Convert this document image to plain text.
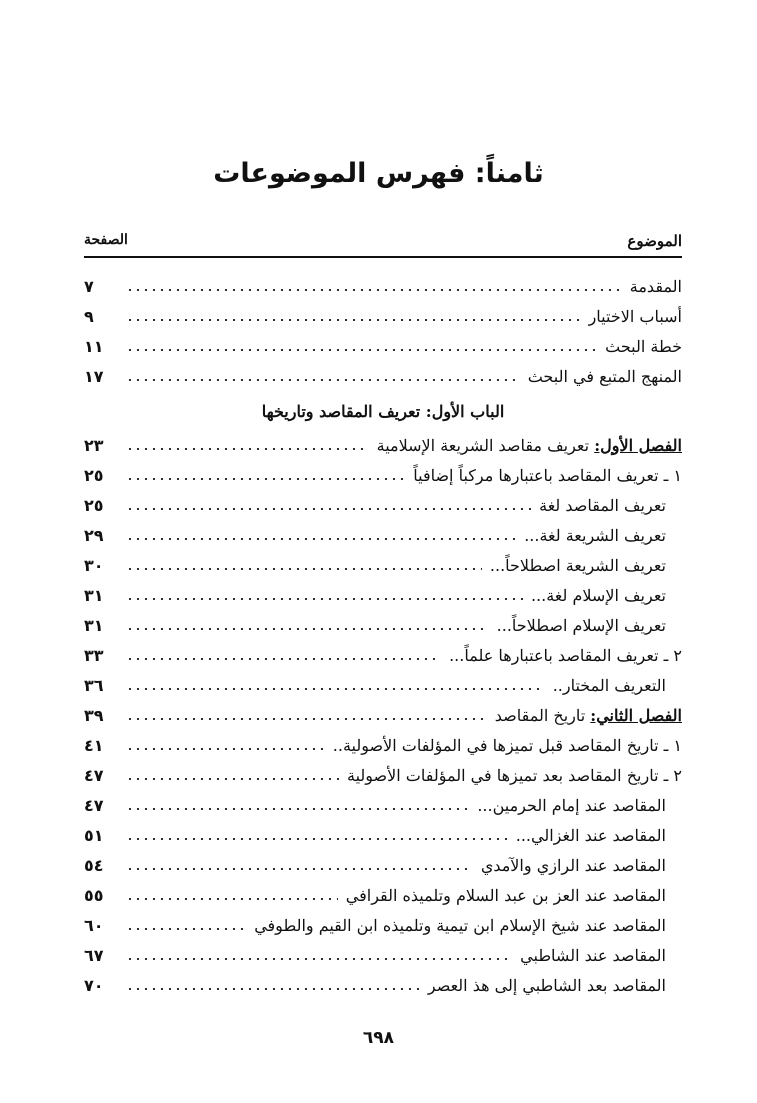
ثامناً: فهرس الموضوعات
الموضوع
الصفحة
المقدمة
٧
أسباب الاختيار
٩
خطة البحث
١١
المنهج المتبع في البحث
١٧
الفصل الأول: تعريف مقاصد الشريعة الإسلامية
٢٣
١ ـ تعريف المقاصد باعتبارها مركباً إضافياً
٢٥
تعريف المقاصد لغة
٢٥
تعريف الشريعة لغة...
٢٩
تعريف الشريعة اصطلاحاً...
٣٠
تعريف الإسلام لغة...
٣١
تعريف الإسلام اصطلاحاً...
٣١
٢ ـ تعريف المقاصد باعتبارها علماً...
٣٣
التعريف المختار..
٣٦
الفصل الثاني: تاريخ المقاصد
٣٩
١ ـ تاريخ المقاصد قبل تميزها في المؤلفات الأصولية..
٤١
٢ ـ تاريخ المقاصد بعد تميزها في المؤلفات الأصولية
٤٧
المقاصد عند إمام الحرمين...
٤٧
المقاصد عند الغزالي...
٥١
المقاصد عند الرازي والآمدي
٥٤
المقاصد عند العز بن عبد السلام وتلميذه القرافي
٥٥
المقاصد عند شيخ الإسلام ابن تيمية وتلميذه ابن القيم والطوفي
٦٠
المقاصد عند الشاطبي
٦٧
المقاصد بعد الشاطبي إلى هذ العصر
٧٠
الباب الأول: تعريف المقاصد وتاريخها
٦٩٨
